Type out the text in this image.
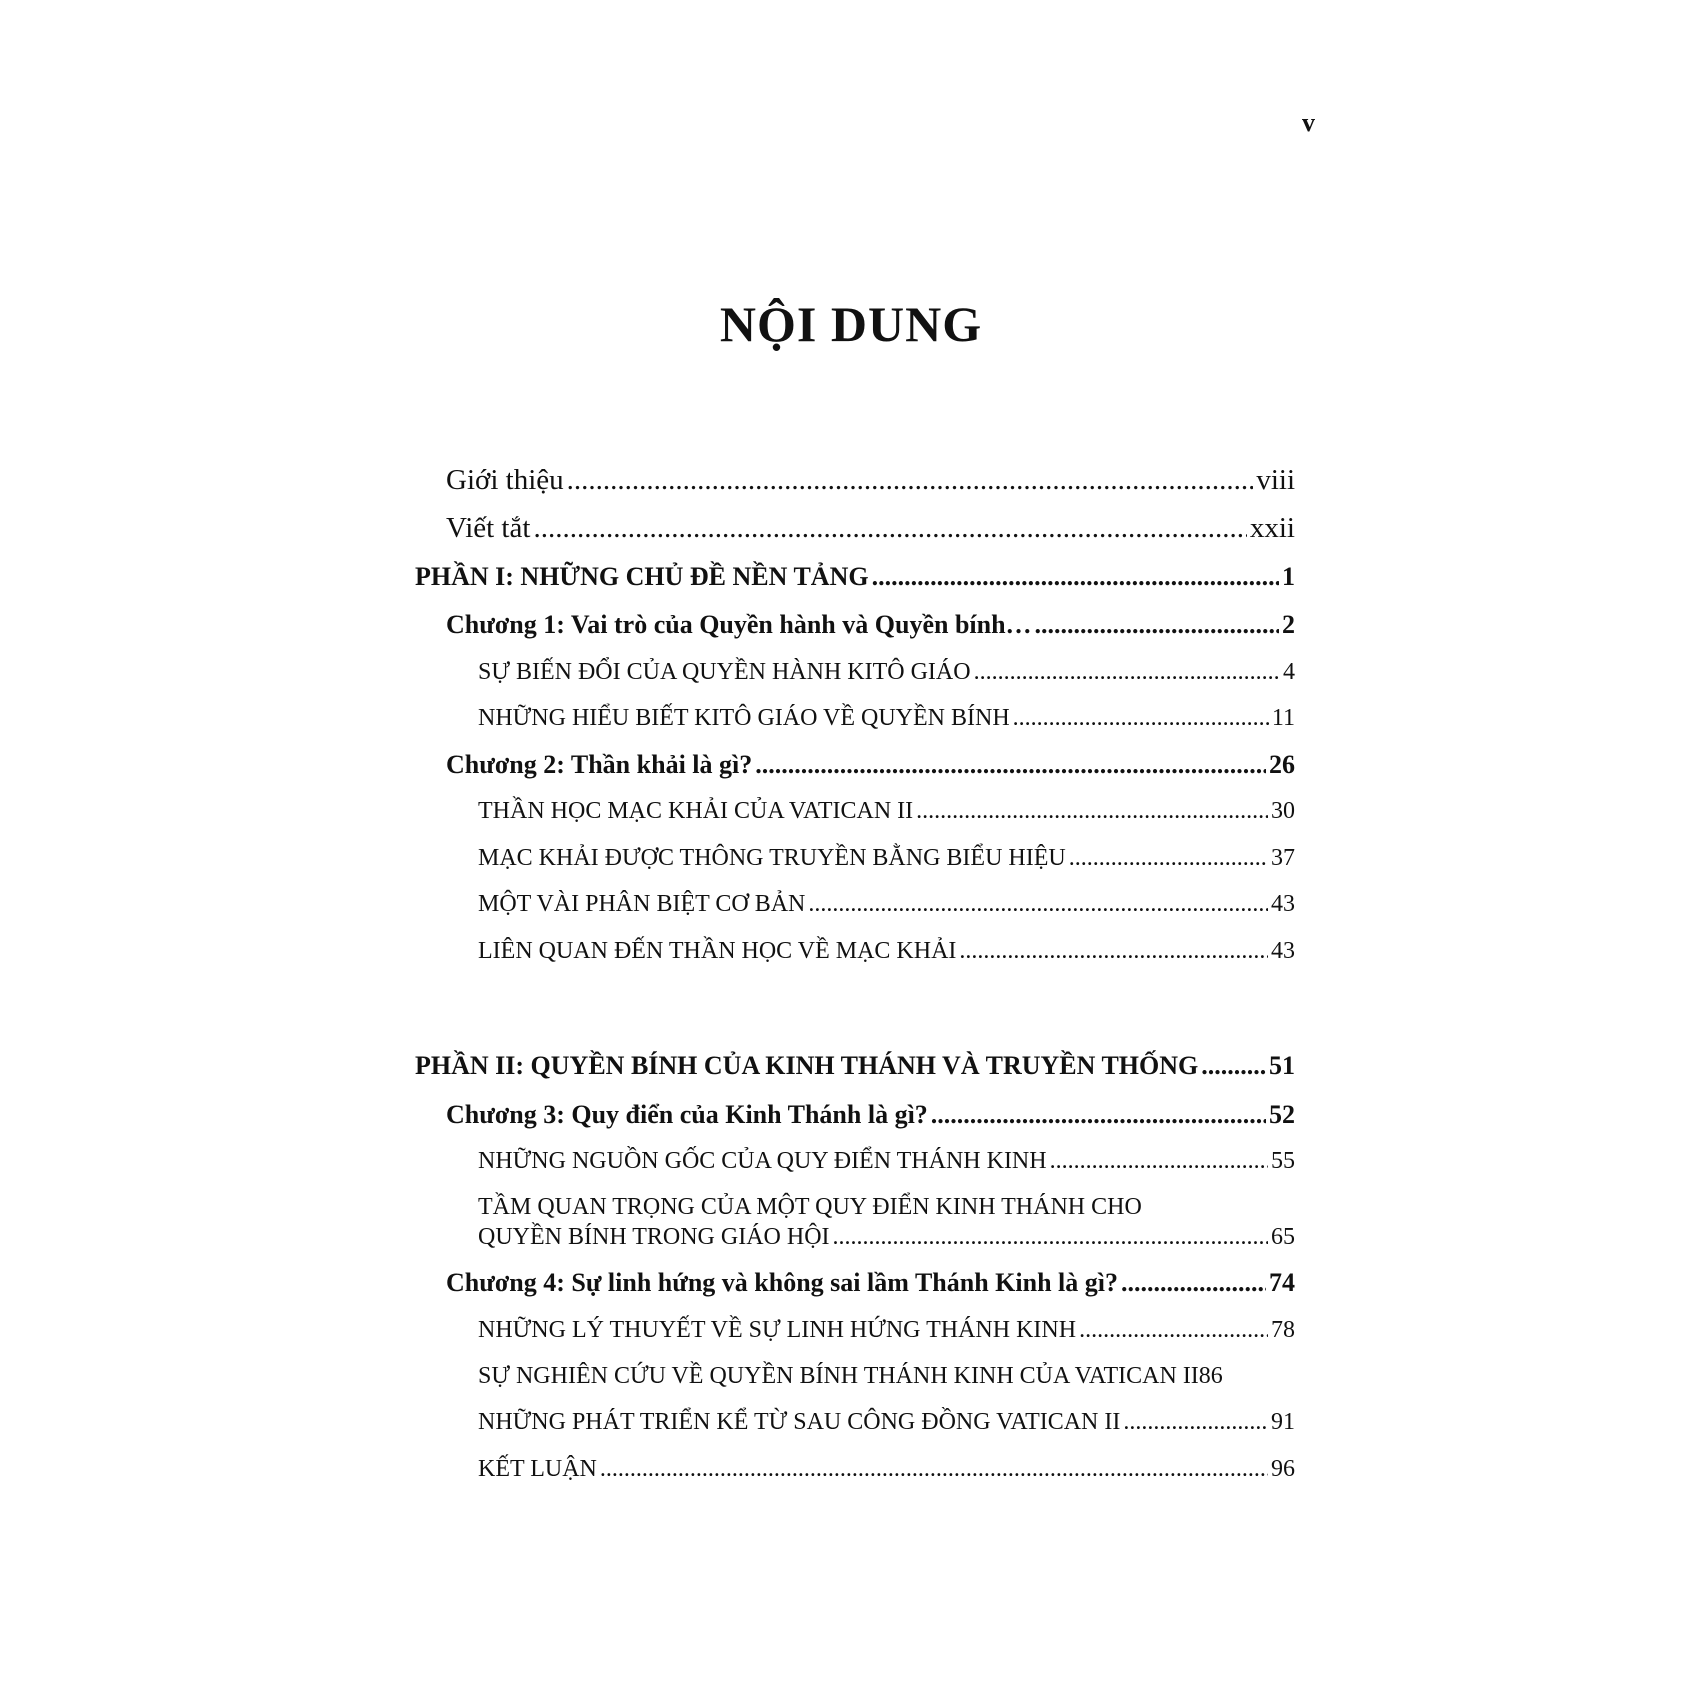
v
NỘI DUNG
Giới thiệu .....	viii
Viết tắt .....	xxii
PHẦN I: NHỮNG CHỦ ĐỀ NỀN TẢNG .....	1
Chương 1: Vai trò của Quyền hành và Quyền bính… .....	2
SỰ BIẾN ĐỔI CỦA QUYỀN HÀNH KITÔ GIÁO .....	4
NHỮNG HIỂU BIẾT KITÔ GIÁO VỀ QUYỀN BÍNH .....	11
Chương 2: Thần khải là gì? .....	26
THẦN HỌC MẠC KHẢI CỦA VATICAN II .....	30
MẠC KHẢI ĐƯỢC THÔNG TRUYỀN BẰNG BIỂU HIỆU .....	37
MỘT VÀI PHÂN BIỆT CƠ BẢN .....	43
LIÊN QUAN ĐẾN THẦN HỌC VỀ MẠC KHẢI .....	43
PHẦN II: QUYỀN BÍNH CỦA KINH THÁNH VÀ TRUYỀN THỐNG .....	51
Chương 3: Quy điển của Kinh Thánh là gì? .....	52
NHỮNG NGUỒN GỐC CỦA QUY ĐIỂN THÁNH KINH .....	55
TẦM QUAN TRỌNG CỦA MỘT QUY ĐIỂN KINH THÁNH CHO
QUYỀN BÍNH TRONG GIÁO HỘI .....	65
Chương 4: Sự linh hứng và không sai lầm Thánh Kinh là gì? .....	74
NHỮNG LÝ THUYẾT VỀ SỰ LINH HỨNG THÁNH KINH .....	78
SỰ NGHIÊN CỨU VỀ QUYỀN BÍNH THÁNH KINH CỦA VATICAN II 86
NHỮNG PHÁT TRIỂN KỂ TỪ SAU CÔNG ĐỒNG VATICAN II .....	91
KẾT LUẬN .....	96
